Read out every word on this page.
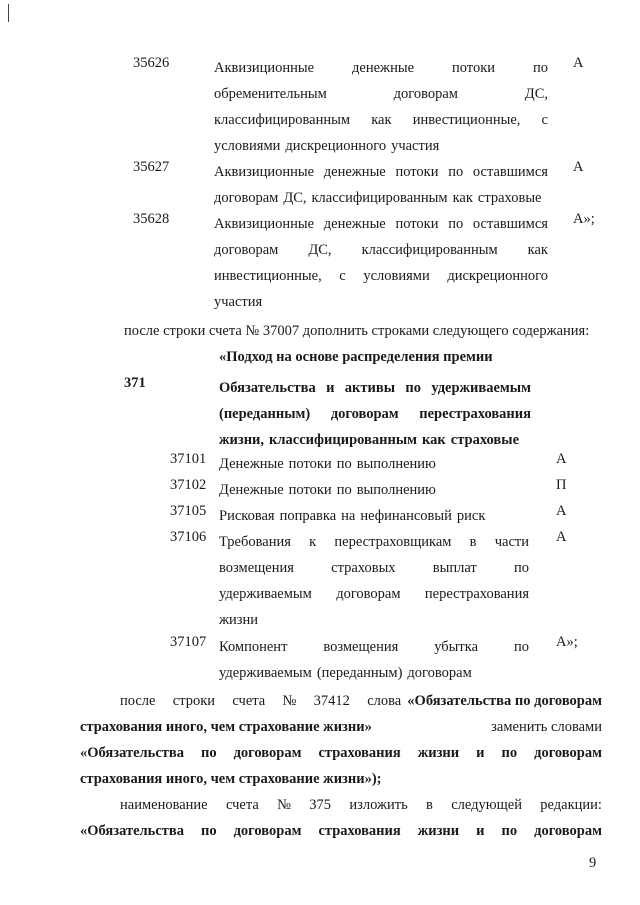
после строки счета № 37007 дополнить строками следующего содержания:
«Подход на основе распределения премии
371	Обязательства и активы по удерживаемым
(переданным) договорам перестрахования
жизни, классифицированным как страховые
после строки счета № 37412 слова «Обязательства по договорам
страхования иного, чем страхование жизни»	заменить словами
«Обязательства по договорам страхования жизни и по договорам
страхования иного, чем страхование жизни»);
наименование счета № 375 изложить в следующей редакции:
«Обязательства по договорам страхования жизни и по договорам
9
35626	Аквизиционные	денежные	потоки	по
обременительным	договорам	ДС,
классифицированным как инвестиционные, с
условиями дискреционного участия
А
35627	Аквизиционные денежные потоки по оставшимся
договорам ДС, классифицированным как страховые
А
35628	Аквизиционные денежные потоки по оставшимся
договорам ДС, классифицированным как
инвестиционные, с условиями дискреционного
участия
А»;
37101 Денежные потоки по выполнению	А
37102 Денежные потоки по выполнению	П
37105 Рисковая поправка на нефинансовый риск	А
37106 Требования к перестраховщикам в части
возмещения	страховых	выплат	по
удерживаемым договорам перестрахования
жизни
А
37107 Компонент возмещения убытка по
удерживаемым (переданным) договорам
А»;
